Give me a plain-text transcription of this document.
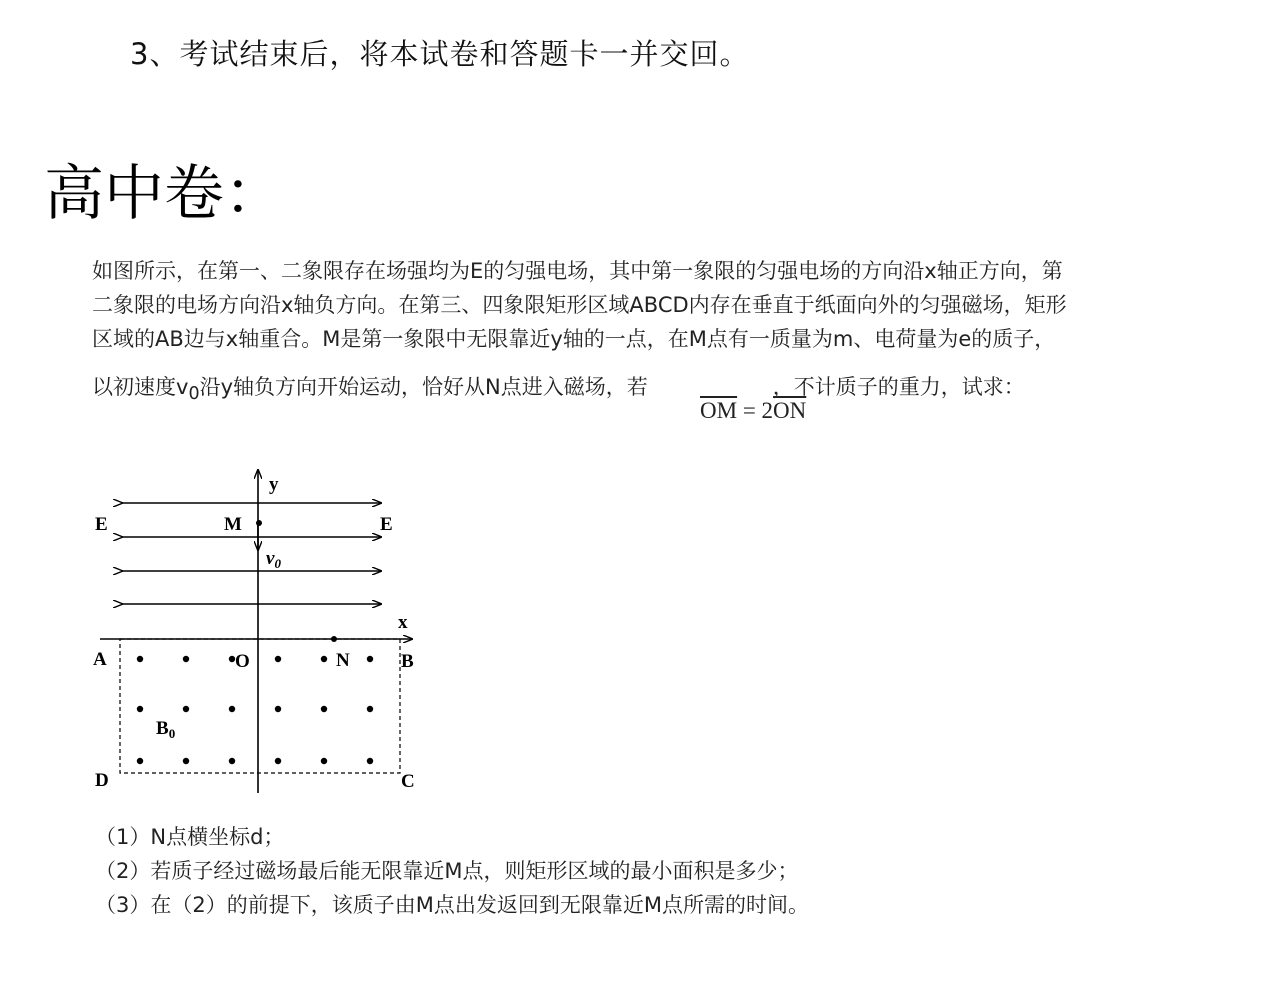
3、考试结束后，将本试卷和答题卡一并交回。
高中卷：
如图所示，在第一、二象限存在场强均为E的匀强电场，其中第一象限的匀强电场的方向沿x轴正方向，第
二象限的电场方向沿x轴负方向。在第三、四象限矩形区域ABCD内存在垂直于纸面向外的匀强磁场，矩形
区域的AB边与x轴重合。M是第一象限中无限靠近y轴的一点，在M点有一质量为m、电荷量为e的质子，
以初速度$v_0$沿y轴负方向开始运动，恰好从N点进入磁场，若	，不计质子的重力，试求：
$\overline{OM} = 2\overline{ON}$
y
x
E	E
M
$v_0$
O	N
A	B
C
D
$B_0$
（1）N点横坐标d；
（2）若质子经过磁场最后能无限靠近M点，则矩形区域的最小面积是多少；
（3）在（2）的前提下，该质子由M点出发返回到无限靠近M点所需的时间。
